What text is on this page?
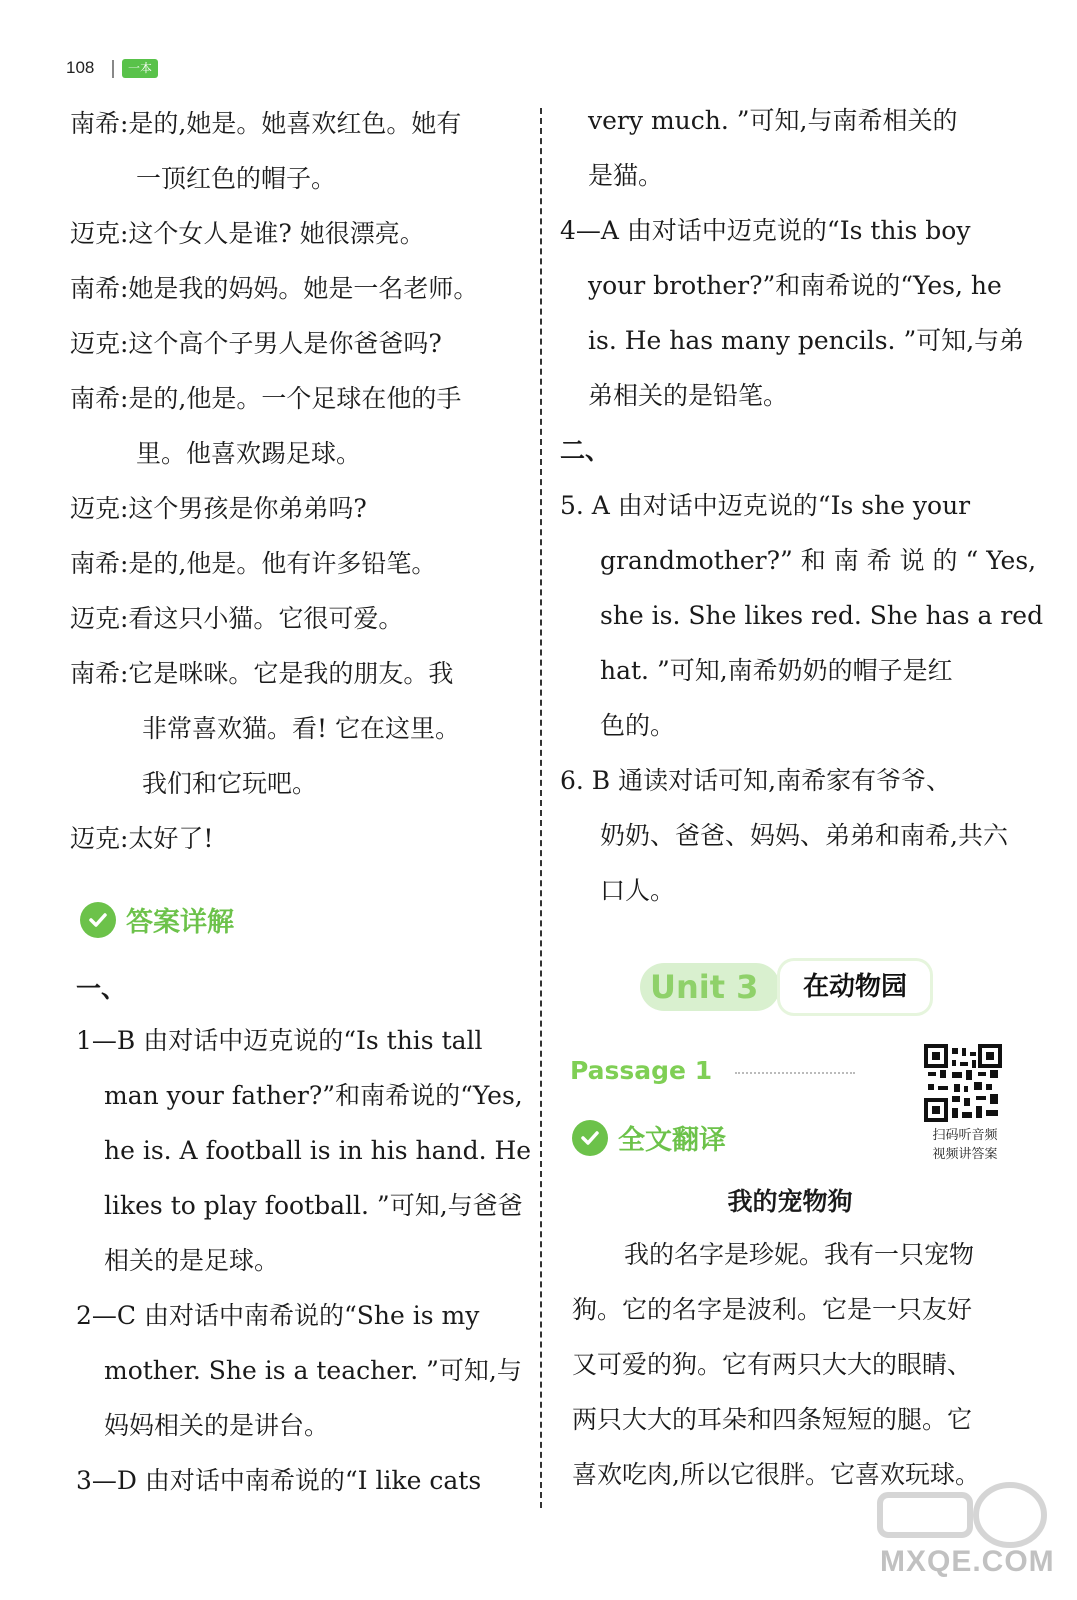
108	一本
南希:是的,她是。她喜欢红色。她有
一顶红色的帽子。
迈克:这个女人是谁? 她很漂亮。
南希:她是我的妈妈。她是一名老师。
迈克:这个高个子男人是你爸爸吗?
南希:是的,他是。一个足球在他的手
里。他喜欢踢足球。
迈克:这个男孩是你弟弟吗?
南希:是的,他是。他有许多铅笔。
迈克:看这只小猫。它很可爱。
南希:它是咪咪。它是我的朋友。我
非常喜欢猫。看! 它在这里。
我们和它玩吧。
迈克:太好了!
答案详解
一、
1—B 由对话中迈克说的“Is this tall
man your father?”和南希说的“Yes,
he is. A football is in his hand. He
likes to play football. ”可知,与爸爸
相关的是足球。
2—C 由对话中南希说的“She is my
mother. She is a teacher. ”可知,与
妈妈相关的是讲台。
3—D 由对话中南希说的“I like cats
very much. ”可知,与南希相关的
是猫。
4—A 由对话中迈克说的“Is this boy
your brother?”和南希说的“Yes, he
is. He has many pencils. ”可知,与弟
弟相关的是铅笔。
二、
5. A 由对话中迈克说的“Is she your
grandmother?” 和 南 希 说 的 “ Yes,
she is. She likes red. She has a red
hat. ”可知,南希奶奶的帽子是红
色的。
6. B 通读对话可知,南希家有爷爷、
奶奶、爸爸、妈妈、弟弟和南希,共六
口人。
Unit 3	在动物园
Passage 1
扫码听音频
视频讲答案
全文翻译
我的宠物狗
我的名字是珍妮。我有一只宠物
狗。它的名字是波利。它是一只友好
又可爱的狗。它有两只大大的眼睛、
两只大大的耳朵和四条短短的腿。它
喜欢吃肉,所以它很胖。它喜欢玩球。
MXQE.COM
